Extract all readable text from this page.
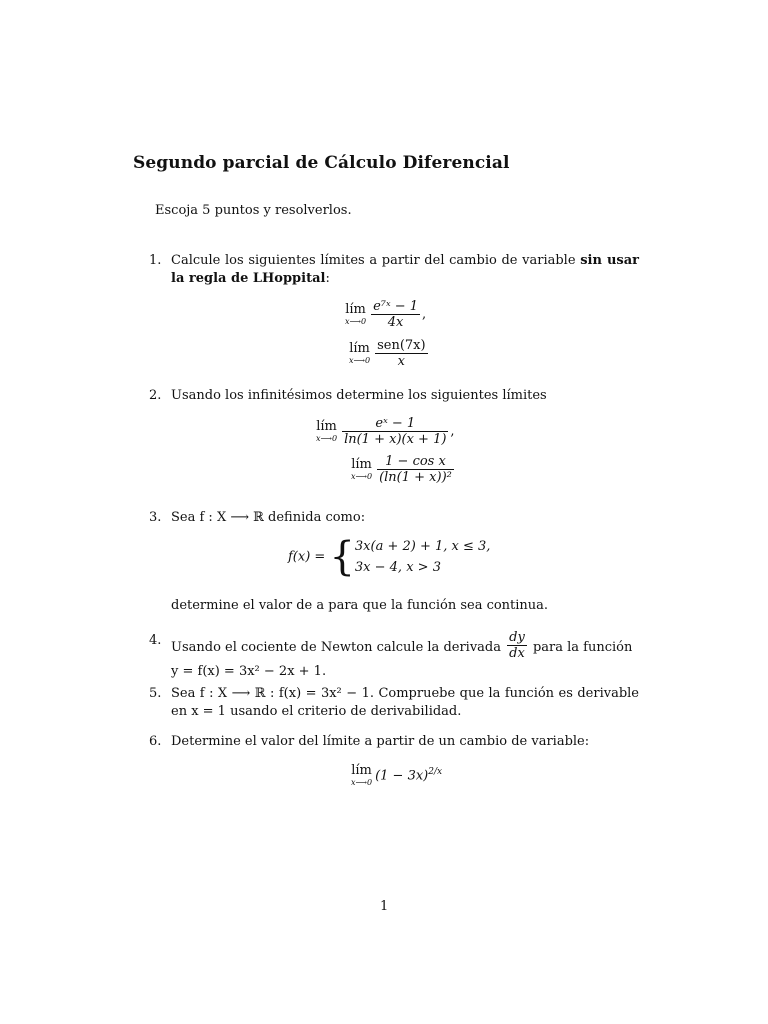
Segundo parcial de Cálculo Diferencial
Escoja 5 puntos y resolverlos.
1. Calcule los siguientes límites a partir del cambio de variable sin usar la regla de LHoppital:
lím
x⟶0 $\frac{\text{e⁷ˣ − 1}}{4x}$ ,
lím
x⟶0 $\frac{\text{sen(7x)}}{x}$
2. Usando los infinitésimos determine los siguientes límites
lím
x⟶0 $\frac{\text{eˣ − 1}}{\ln(1 + x)(x + 1)}$ ,
lím
x⟶0 $\frac{\text{1 − cos x}}{\text{(ln(1 + x))²}}$
3. Sea f : X ⟶ ℝ definida como:
f(x) = { 3x(a + 2) + 1, x ≤ 3,
3x − 4, x > 3
determine el valor de a para que la función sea continua.
4. Usando el cociente de Newton calcule la derivada $\frac{dy}{dx}$ para la función
y = f(x) = 3x² − 2x + 1.
5. Sea f : X ⟶ ℝ : f(x) = 3x² − 1. Compruebe que la función es derivable en x = 1 usando el criterio de derivabilidad.
6. Determine el valor del límite a partir de un cambio de variable:
lím
x⟶0 $(1 - 3x)^{2/x}$
1
